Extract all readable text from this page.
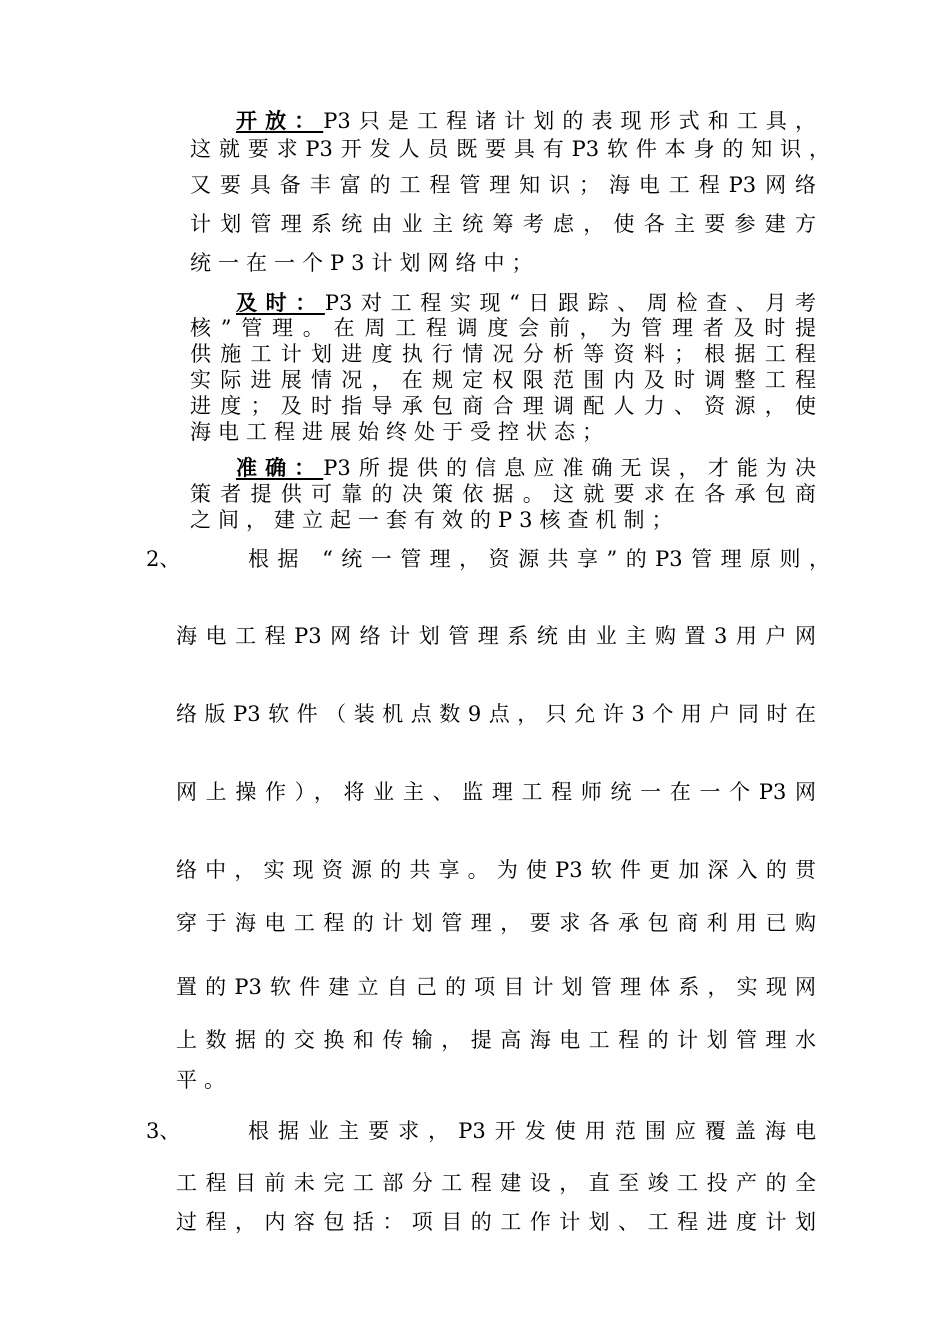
开放：P3只是工程诸计划的表现形式和工具，
这就要求P3开发人员既要具有P3软件本身的知识，
又要具备丰富的工程管理知识；海电工程P3网络
计划管理系统由业主统筹考虑，使各主要参建方
统一在一个P3计划网络中；
及时：P3对工程实现“日跟踪、周检查、月考
核”管理。在周工程调度会前，为管理者及时提
供施工计划进度执行情况分析等资料；根据工程
实际进展情况，在规定权限范围内及时调整工程
进度；及时指导承包商合理调配人力、资源，使
海电工程进展始终处于受控状态；
准确：P3所提供的信息应准确无误，才能为决
策者提供可靠的决策依据。这就要求在各承包商
之间，建立起一套有效的P3核查机制；
2、	根据 “统一管理，资源共享”的P3管理原则，
海电工程P3网络计划管理系统由业主购置3用户网
络版P3软件（装机点数9点，只允许3个用户同时在
网上操作），将业主、监理工程师统一在一个P3网
络中，实现资源的共享。为使P3软件更加深入的贯
穿于海电工程的计划管理，要求各承包商利用已购
置的P3软件建立自己的项目计划管理体系，实现网
上数据的交换和传输，提高海电工程的计划管理水
平。
3、	根据业主要求，P3开发使用范围应覆盖海电
工程目前未完工部分工程建设，直至竣工投产的全
过程，内容包括：项目的工作计划、工程进度计划
